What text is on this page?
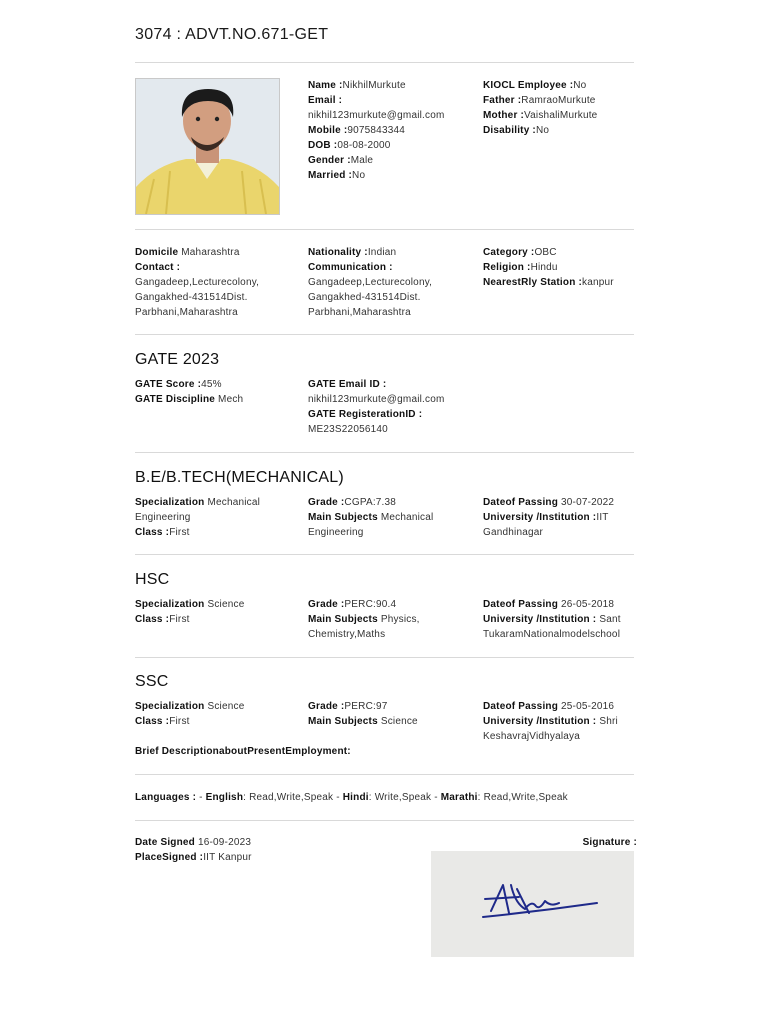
3074 : ADVT.NO.671-GET

Name :NikhilMurkute

Email :

nikhil123murkute@gmail.com

Mobile :9075843344

DOB :08-08-2000

Gender :Male

Married :No

KIOCL Employee :No

Father :RamraoMurkute

Mother :VaishaliMurkute

Disability :No

Domicile Maharashtra

Contact :

Gangadeep,Lecturecolony,

Gangakhed-431514Dist.

Parbhani,Maharashtra

Nationality :Indian

Communication :

Gangadeep,Lecturecolony,

Gangakhed-431514Dist.

Parbhani,Maharashtra

Category :OBC

Religion :Hindu

NearestRly Station :kanpur

GATE 2023

GATE Score :45%

GATE Discipline Mech

GATE Email ID :

nikhil123murkute@gmail.com

GATE RegisterationID :

ME23S22056140

B.E/B.TECH(MECHANICAL)

Specialization Mechanical

Engineering

Class :First

Grade :CGPA:7.38

Main Subjects Mechanical

Engineering

Dateof Passing 30-07-2022

University /Institution :IIT

Gandhinagar

HSC

Specialization Science

Class :First

Grade :PERC:90.4

Main Subjects Physics,

Chemistry,Maths

Dateof Passing 26-05-2018

University /Institution : Sant

TukaramNationalmodelschool

SSC

Specialization Science

Class :First

Grade :PERC:97

Main Subjects Science

Dateof Passing 25-05-2016

University /Institution : Shri

KeshavrajVidhyalaya

Brief DescriptionaboutPresentEmployment:

Languages : - English: Read,Write,Speak - Hindi: Write,Speak - Marathi: Read,Write,Speak

Date Signed 16-09-2023

PlaceSigned :IIT Kanpur

Signature :
